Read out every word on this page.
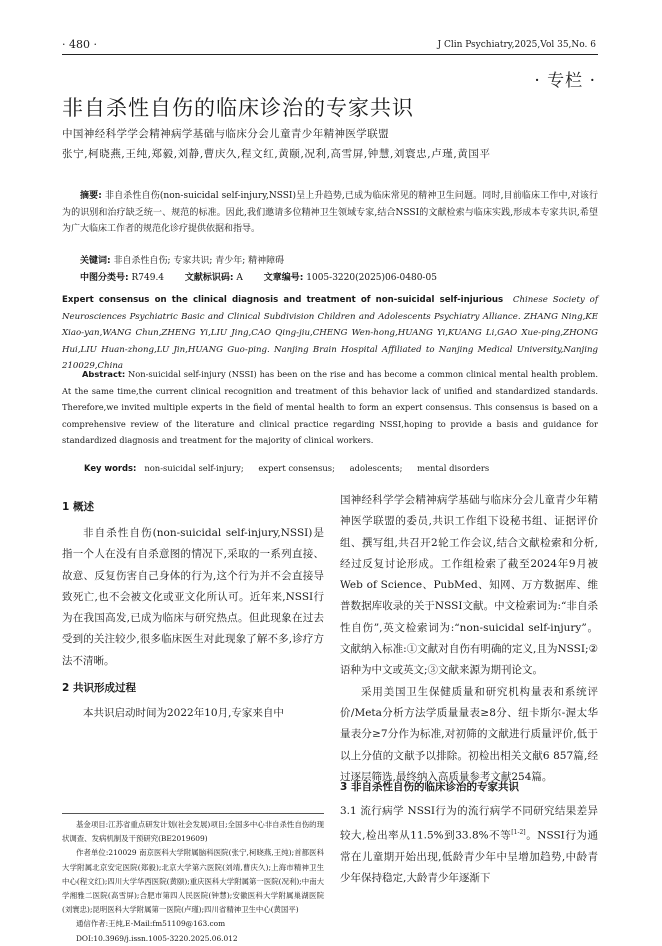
· 480 ·	J Clin Psychiatry,2025,Vol 35,No. 6
· 专栏 ·
非自杀性自伤的临床诊治的专家共识
中国神经科学学会精神病学基础与临床分会儿童青少年精神医学联盟
张宁,柯晓燕,王纯,郑毅,刘静,曹庆久,程文红,黄颐,况利,高雪屏,钟慧,刘寰忠,卢瑾,黄国平
摘要: 非自杀性自伤(non-suicidal self-injury,NSSI)呈上升趋势,已成为临床常见的精神卫生问题。同时,目前临床工作中,对该行为的识别和治疗缺乏统一、规范的标准。因此,我们邀请多位精神卫生领域专家,结合NSSI的文献检索与临床实践,形成本专家共识,希望为广大临床工作者的规范化诊疗提供依据和指导。
关键词: 非自杀性自伤; 专家共识; 青少年; 精神障碍
中图分类号: R749.4 文献标识码: A 文章编号: 1005-3220(2025)06-0480-05
Expert consensus on the clinical diagnosis and treatment of non-suicidal self-injurious Chinese Society of Neurosciences Psychiatric Basic and Clinical Subdivision Children and Adolescents Psychiatry Alliance. ZHANG Ning,KE Xiao-yan,WANG Chun,ZHENG Yi,LIU Jing,CAO Qing-jiu,CHENG Wen-hong,HUANG Yi,KUANG Li,GAO Xue-ping,ZHONG Hui,LIU Huan-zhong,LU Jin,HUANG Guo-ping. Nanjing Brain Hospital Affiliated to Nanjing Medical University,Nanjing 210029,China
Abstract: Non-suicidal self-injury (NSSI) has been on the rise and has become a common clinical mental health problem. At the same time,the current clinical recognition and treatment of this behavior lack of unified and standardized standards. Therefore,we invited multiple experts in the field of mental health to form an expert consensus. This consensus is based on a comprehensive review of the literature and clinical practice regarding NSSI,hoping to provide a basis and guidance for standardized diagnosis and treatment for the majority of clinical workers.
Key words: non-suicidal self-injury; expert consensus; adolescents; mental disorders
1 概述

非自杀性自伤(non-suicidal self-injury,NSSI)是指一个人在没有自杀意图的情况下,采取的一系列直接、故意、反复伤害自己身体的行为,这个行为并不会直接导致死亡,也不会被文化或亚文化所认可。近年来,NSSI行为在我国高发,已成为临床与研究热点。但此现象在过去受到的关注较少,很多临床医生对此现象了解不多,诊疗方法不清晰。

2 共识形成过程

本共识启动时间为2022年10月,专家来自中

基金项目:江苏省重点研发计划(社会发展)项目;全国多中心非自杀性自伤的现状调查、发病机制及干预研究(BE2019609)

作者单位:210029 南京医科大学附属脑科医院(张宁,柯晓燕,王纯);首都医科大学附属北京安定医院(郑毅);北京大学第六医院(刘靖,曹庆久);上海市精神卫生中心(程文红);四川大学华西医院(黄颐);重庆医科大学附属第一医院(况利);中南大学湘雅二医院(高雪屏);合肥市第四人民医院(钟慧);安徽医科大学附属巢湖医院(刘寰忠);昆明医科大学附属第一医院(卢瑾);四川省精神卫生中心(黄国平)

通信作者:王纯,E-Mail:fm51109@163.com

DOI:10.3969/j.issn.1005-3220.2025.06.012

国神经科学学会精神病学基础与临床分会儿童青少年精神医学联盟的委员,共识工作组下设秘书组、证据评价组、撰写组,共召开2轮工作会议,结合文献检索和分析,经过反复讨论形成。工作组检索了截至2024年9月被Web of Science、PubMed、知网、万方数据库、维普数据库收录的关于NSSI文献。中文检索词为:“非自杀性自伤”,英文检索词为:“non-suicidal self-injury”。文献纳入标准:①文献对自伤有明确的定义,且为NSSI;②语种为中文或英文;③文献来源为期刊论文。

采用美国卫生保健质量和研究机构量表和系统评价/Meta分析方法学质量量表≥8分、纽卡斯尔-渥太华量表分≥7分作为标准,对初筛的文献进行质量评价,低于以上分值的文献予以排除。初检出相关文献6 857篇,经过逐层筛选,最终纳入高质量参考文献254篇。

3 非自杀性自伤的临床诊治的专家共识

3.1 流行病学 NSSI行为的流行病学不同研究结果差异较大,检出率从11.5%到33.8%不等[1-2]。NSSI行为通常在儿童期开始出现,低龄青少年中呈增加趋势,中龄青少年保持稳定,大龄青少年逐渐下
